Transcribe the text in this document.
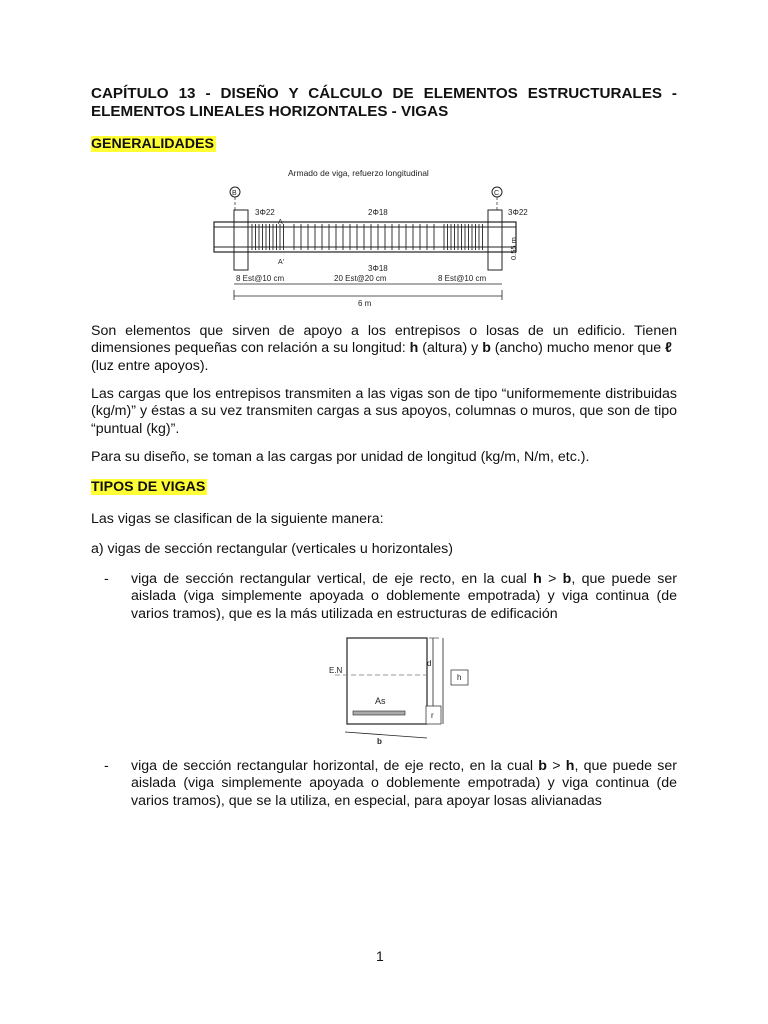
CAPÍTULO 13 - DISEÑO Y CÁLCULO DE ELEMENTOS ESTRUCTURALES -
ELEMENTOS LINEALES HORIZONTALES - VIGAS
GENERALIDADES
Armado de viga, refuerzo longitudinal
B	C
3Φ22	2Φ18	3Φ22
A
A'
3Φ18
0.55 m
8 Est@10 cm	20 Est@20 cm	8 Est@10 cm
6 m
Son elementos que sirven de apoyo a los entrepisos o losas de un edificio. Tienen dimensiones pequeñas con relación a su longitud: h (altura) y b (ancho) mucho menor que ℓ
(luz entre apoyos).
Las cargas que los entrepisos transmiten a las vigas son de tipo “uniformemente distribuidas (kg/m)” y éstas a su vez transmiten cargas a sus apoyos, columnas o muros, que son de tipo “puntual (kg)”.
Para su diseño, se toman a las cargas por unidad de longitud (kg/m, N/m, etc.).
TIPOS DE VIGAS
Las vigas se clasifican de la siguiente manera:
a) vigas de sección rectangular (verticales u horizontales)
- viga de sección rectangular vertical, de eje recto, en la cual h > b, que puede ser aislada (viga simplemente apoyada o doblemente empotrada) y viga continua (de varios tramos), que es la más utilizada en estructuras de edificación
E.N
As
d
h
r
b
- viga de sección rectangular horizontal, de eje recto, en la cual b > h, que puede ser aislada (viga simplemente apoyada o doblemente empotrada) y viga continua (de varios tramos), que se la utiliza, en especial, para apoyar losas alivianadas
1
